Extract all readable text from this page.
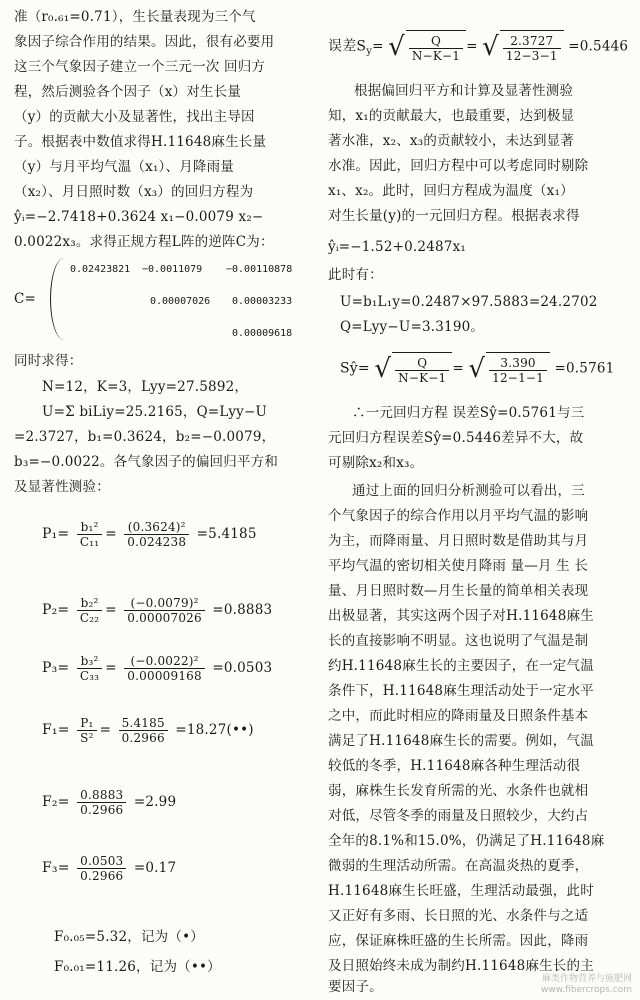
准（r₀.₆₁=0.71），生长量表现为三个气
象因子综合作用的结果。因此，很有必要用
这三个气象因子建立一个三元一次 回归方
程，然后测验各个因子（x）对生长量
（y）的贡献大小及显著性，找出主导因
子。根据表中数值求得H.11648麻生长量
（y）与月平均气温（x₁）、月降雨量
（x₂）、月日照时数（x₃）的回归方程为
ŷᵢ=−2.7418+0.3624 x₁−0.0079 x₂−
0.0022x₃。求得正规方程L阵的逆阵C为：
C=
0.02423821 −0.0011079 −0.00110878
0.00007026 0.00003233
0.00009618
同时求得：
N=12，K=3，Lyy=27.5892，
U=Σ biLiy=25.2165，Q=Lyy−U
=2.3727，b₁=0.3624，b₂=−0.0079，
b₃=−0.0022。各气象因子的偏回归平方和
及显著性测验：
$P_1= \frac{\text{b₁²}}{\text{C₁₁}} = \frac{\text{(0.3624)²}}{0.024238} =5.4185$
$P_2= \frac{\text{b₂²}}{\text{C₂₂}} = \frac{\text{(−0.0079)²}}{0.00007026} =0.8883$
$P_3= \frac{\text{b₃²}}{\text{C₃₃}} = \frac{\text{(−0.0022)²}}{0.00009168} =0.0503$
$F_1= \frac{\text{P₁}}{\text{S²}} = \frac{5.4185}{0.2966}$ =18.27(••)
$F_2= \frac{0.8883}{0.2966} =2.99$
$F_3= \frac{0.0503}{0.2966} =0.17$
F₀.₀₅=5.32，记为（•）
F₀.₀₁=11.26，记为（••）
误差$S_y=$ √ $\frac{Q}{N-K-1}$ = √ $\frac{2.3727}{12-3-1} =0.5446$
根据偏回归平方和计算及显著性测验
知，x₁的贡献最大，也最重要，达到极显
著水准，x₂、x₃的贡献较小，未达到显著
水准。因此，回归方程中可以考虑同时剔除
x₁、x₂。此时，回归方程成为温度（x₁）
对生长量(y)的一元回归方程。根据表求得
ŷᵢ=−1.52+0.2487x₁
此时有：
U=b₁L₁y=0.2487×97.5883=24.2702
Q=Lyy−U=3.3190。
Sŷ= √ $\frac{Q}{N-K-1}$ = √ $\frac{3.390}{12-1-1} =0.5761$
∴一元回归方程 误差Sŷ=0.5761与三
元回归方程误差Sŷ=0.5446差异不大，故
可剔除x₂和x₃。
通过上面的回归分析测验可以看出，三
个气象因子的综合作用以月平均气温的影响
为主，而降雨量、月日照时数是借助其与月
平均气温的密切相关使月降雨 量—月 生 长
量、月日照时数—月生长量的简单相关表现
出极显著，其实这两个因子对H.11648麻生
长的直接影响不明显。这也说明了气温是制
约H.11648麻生长的主要因子，在一定气温
条件下，H.11648麻生理活动处于一定水平
之中，而此时相应的降雨量及日照条件基本
满足了H.11648麻生长的需要。例如，气温
较低的冬季，H.11648麻各种生理活动很
弱，麻株生长发育所需的光、水条件也就相
对低，尽管冬季的雨量及日照较少，大约占
全年的8.1%和15.0%，仍满足了H.11648麻
微弱的生理活动所需。在高温炎热的夏季，
H.11648麻生长旺盛，生理活动最强，此时
又正好有多雨、长日照的光、水条件与之适
应，保证麻株旺盛的生长所需。因此，降雨
及日照始终未成为制约H.11648麻生长的主
要因子。	麻类作物营养与施肥网
www.fibercrops.com
